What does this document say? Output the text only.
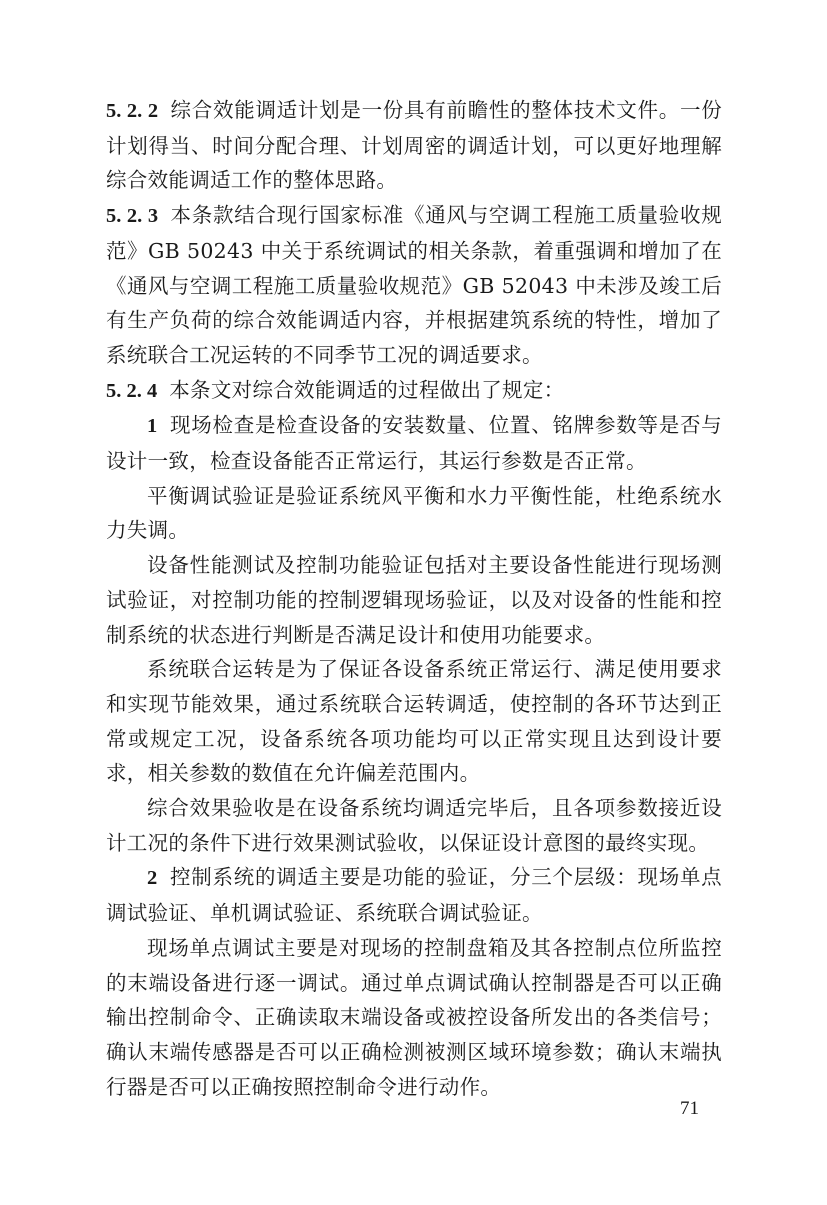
5. 2. 2 综合效能调适计划是一份具有前瞻性的整体技术文件。一份计划得当、时间分配合理、计划周密的调适计划，可以更好地理解综合效能调适工作的整体思路。

5. 2. 3 本条款结合现行国家标准《通风与空调工程施工质量验收规范》GB 50243 中关于系统调试的相关条款，着重强调和增加了在《通风与空调工程施工质量验收规范》GB 52043 中未涉及竣工后有生产负荷的综合效能调适内容，并根据建筑系统的特性，增加了系统联合工况运转的不同季节工况的调适要求。

5. 2. 4 本条文对综合效能调适的过程做出了规定：

1 现场检查是检查设备的安装数量、位置、铭牌参数等是否与设计一致，检查设备能否正常运行，其运行参数是否正常。

平衡调试验证是验证系统风平衡和水力平衡性能，杜绝系统水力失调。

设备性能测试及控制功能验证包括对主要设备性能进行现场测试验证，对控制功能的控制逻辑现场验证，以及对设备的性能和控制系统的状态进行判断是否满足设计和使用功能要求。

系统联合运转是为了保证各设备系统正常运行、满足使用要求和实现节能效果，通过系统联合运转调适，使控制的各环节达到正常或规定工况，设备系统各项功能均可以正常实现且达到设计要求，相关参数的数值在允许偏差范围内。

综合效果验收是在设备系统均调适完毕后，且各项参数接近设计工况的条件下进行效果测试验收，以保证设计意图的最终实现。

2 控制系统的调适主要是功能的验证，分三个层级：现场单点调试验证、单机调试验证、系统联合调试验证。

现场单点调试主要是对现场的控制盘箱及其各控制点位所监控的末端设备进行逐一调试。通过单点调试确认控制器是否可以正确输出控制命令、正确读取末端设备或被控设备所发出的各类信号；确认末端传感器是否可以正确检测被测区域环境参数；确认末端执行器是否可以正确按照控制命令进行动作。

71
